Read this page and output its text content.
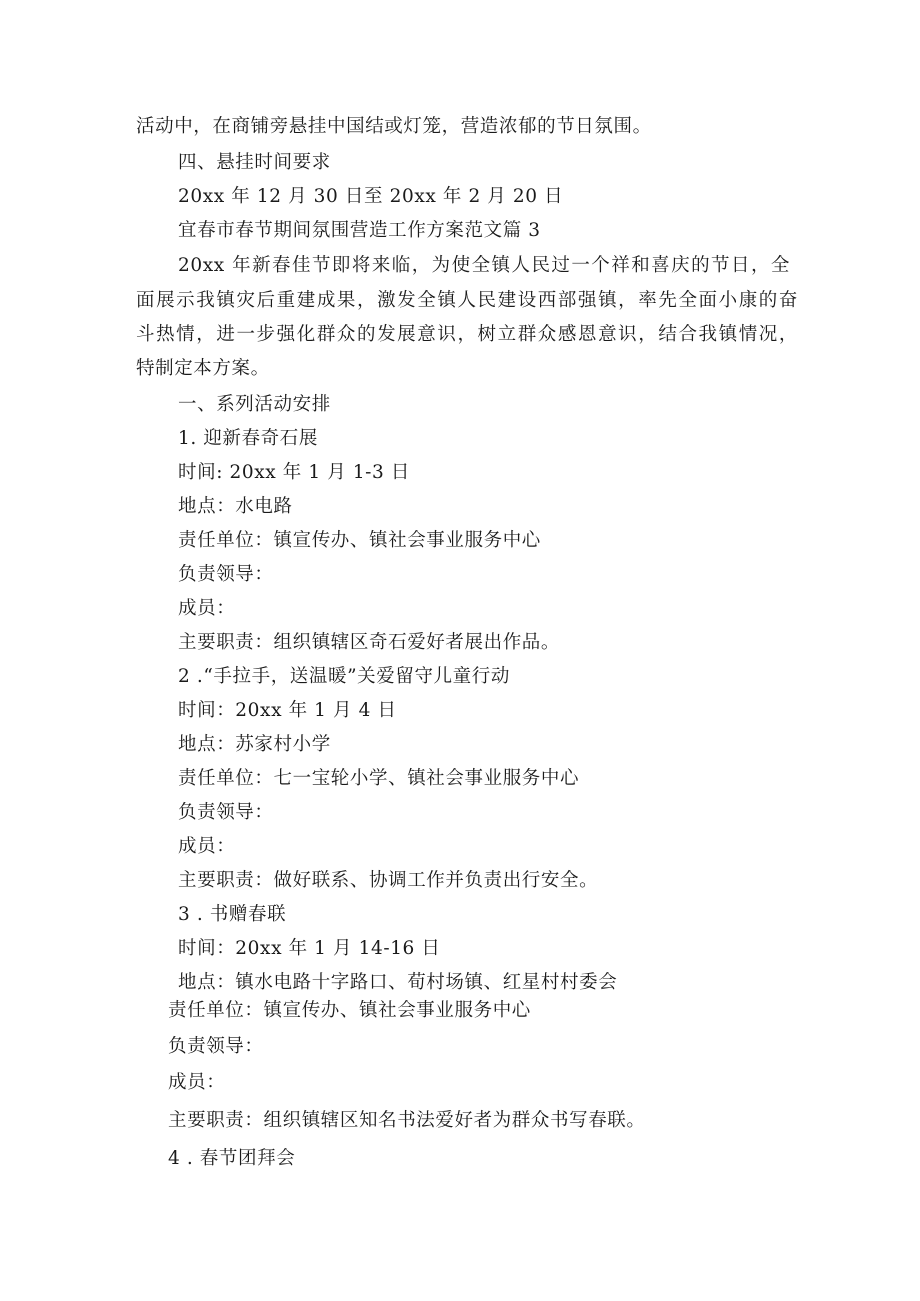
活动中，在商铺旁悬挂中国结或灯笼，营造浓郁的节日氛围。
四、悬挂时间要求
20xx 年 12 月 30 日至 20xx 年 2 月 20 日
宜春市春节期间氛围营造工作方案范文篇 3
20xx 年新春佳节即将来临，为使全镇人民过一个祥和喜庆的节日，全
面展示我镇灾后重建成果，激发全镇人民建设西部强镇，率先全面小康的奋
斗热情，进一步强化群众的发展意识，树立群众感恩意识，结合我镇情况，
特制定本方案。
一、系列活动安排
1. 迎新春奇石展
时间: 20xx 年 1 月 1-3 日
地点：水电路
责任单位：镇宣传办、镇社会事业服务中心
负责领导：
成员：
主要职责：组织镇辖区奇石爱好者展出作品。
2 .“手拉手，送温暖”关爱留守儿童行动
时间：20xx 年 1 月 4 日
地点：苏家村小学
责任单位：七一宝轮小学、镇社会事业服务中心
负责领导：
成员：
主要职责：做好联系、协调工作并负责出行安全。
3 . 书赠春联
时间：20xx 年 1 月 14-16 日
地点：镇水电路十字路口、荀村场镇、红星村村委会
责任单位：镇宣传办、镇社会事业服务中心
负责领导：
成员：
主要职责：组织镇辖区知名书法爱好者为群众书写春联。
4 . 春节团拜会
